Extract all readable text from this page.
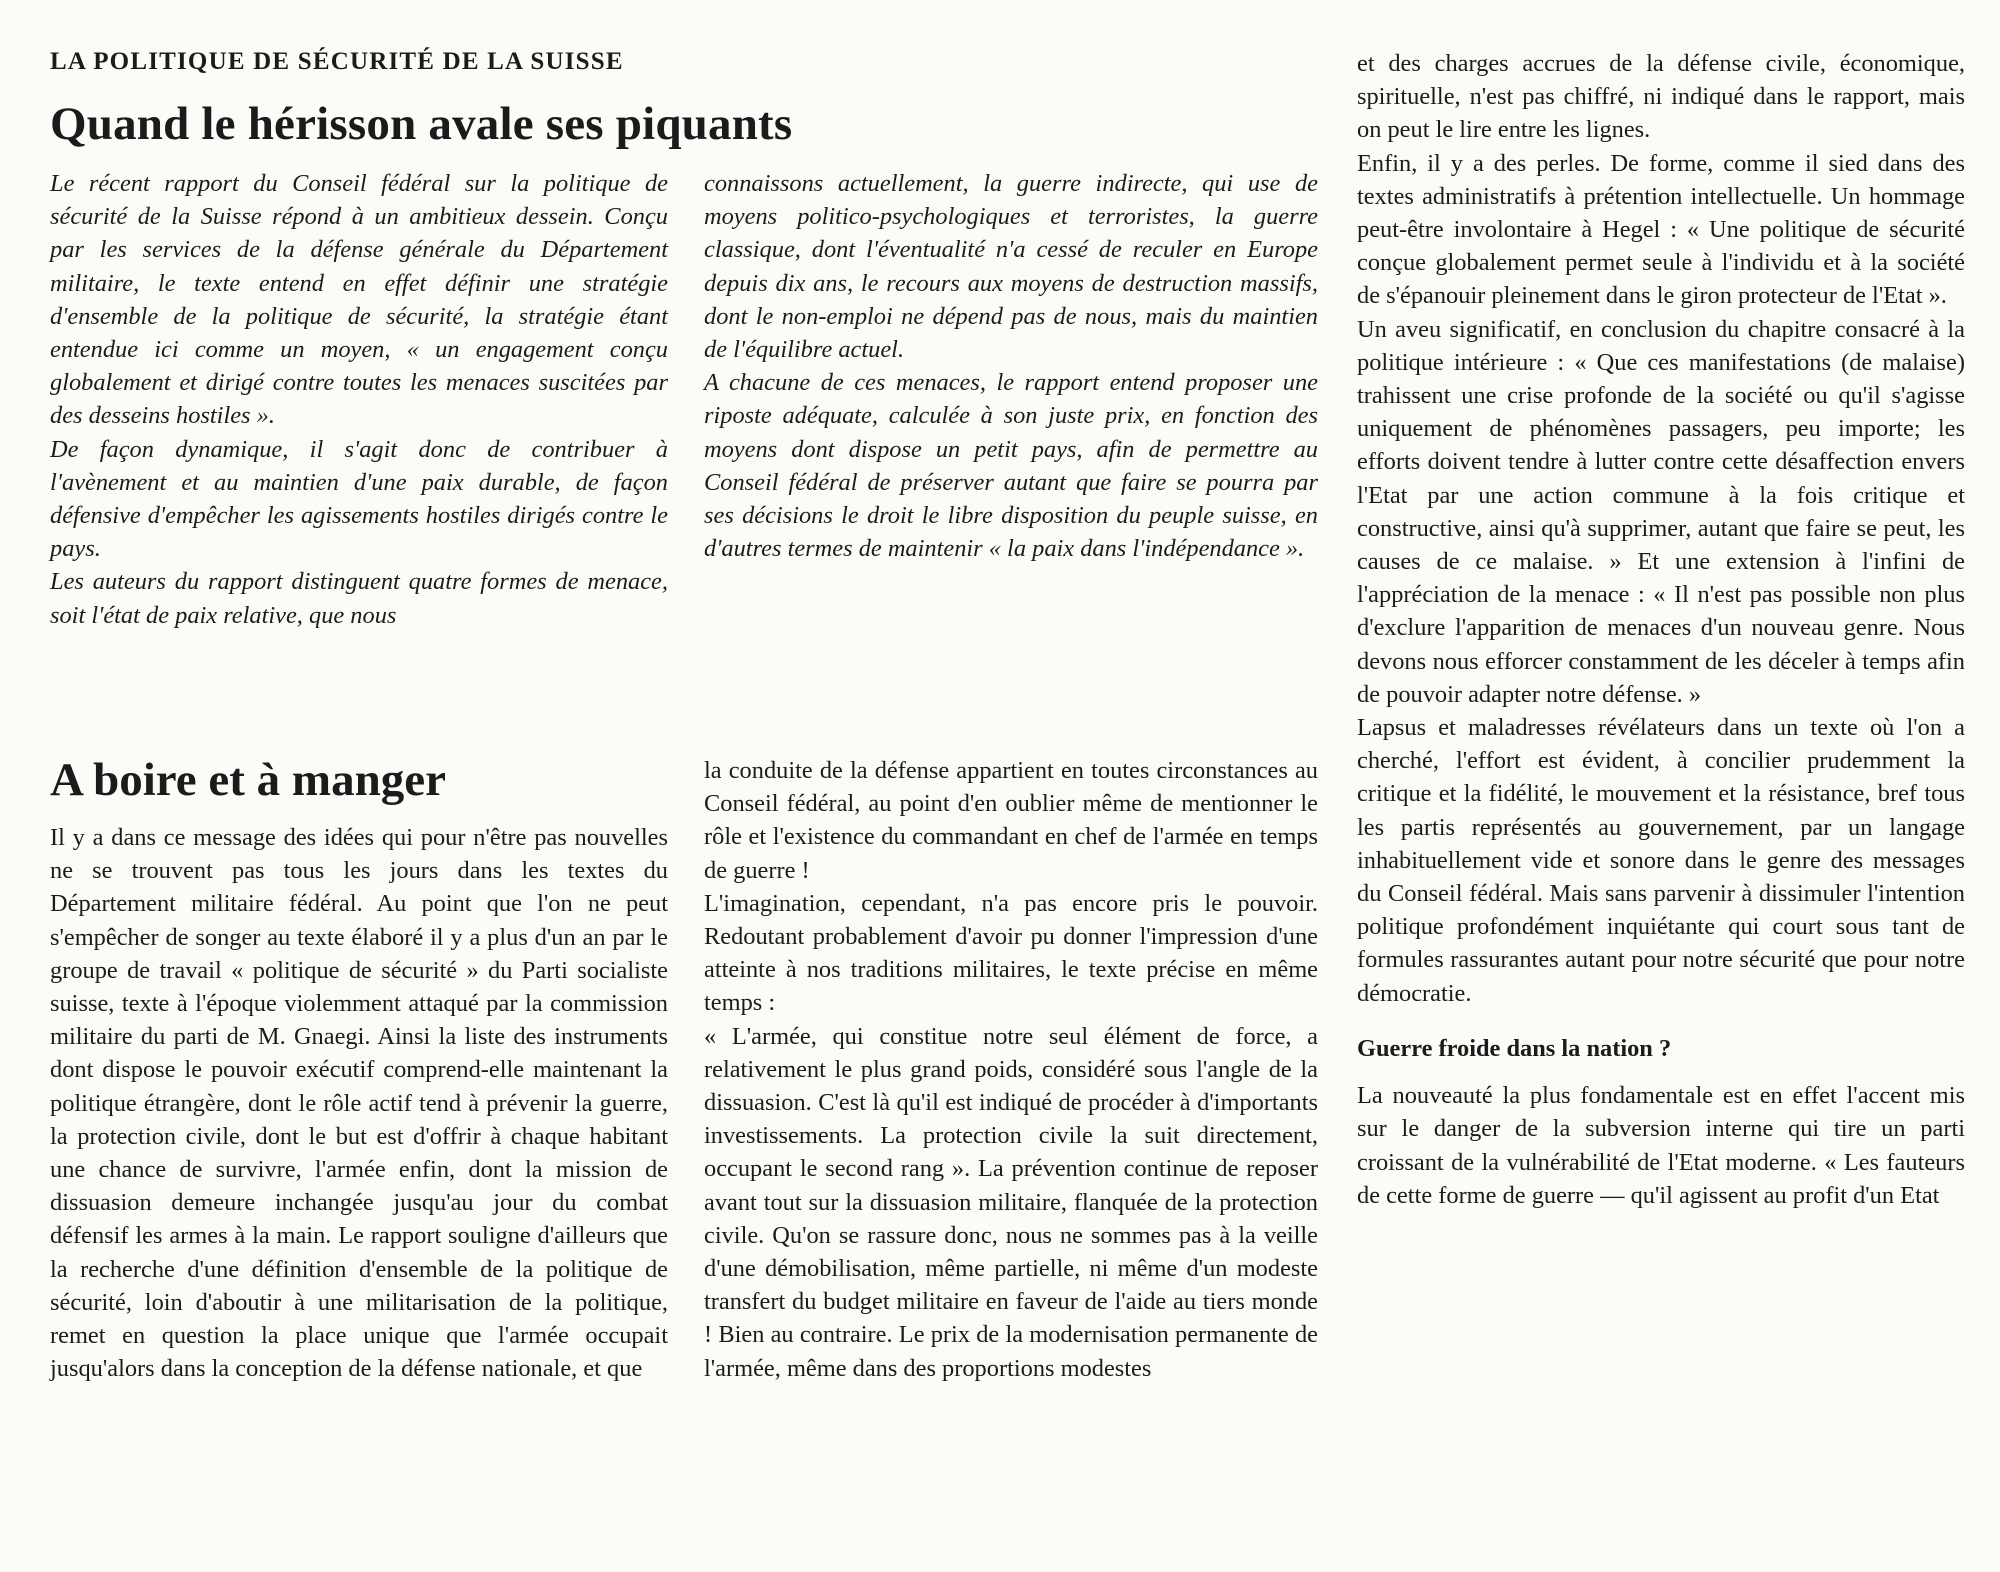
LA POLITIQUE DE SÉCURITÉ DE LA SUISSE
Quand le hérisson avale ses piquants

Le récent rapport du Conseil fédéral sur la politique de sécurité de la Suisse répond à un ambitieux dessein. Conçu par les services de la défense générale du Département militaire, le texte entend en effet définir une stratégie d'ensemble de la politique de sécurité, la stratégie étant entendue ici comme un moyen, « un engagement conçu globalement et dirigé contre toutes les menaces suscitées par des desseins hostiles ».

De façon dynamique, il s'agit donc de contribuer à l'avènement et au maintien d'une paix durable, de façon défensive d'empêcher les agissements hostiles dirigés contre le pays.

Les auteurs du rapport distinguent quatre formes de menace, soit l'état de paix relative, que nous

connaissons actuellement, la guerre indirecte, qui use de moyens politico-psychologiques et terroristes, la guerre classique, dont l'éventualité n'a cessé de reculer en Europe depuis dix ans, le recours aux moyens de destruction massifs, dont le non-emploi ne dépend pas de nous, mais du maintien de l'équilibre actuel.

A chacune de ces menaces, le rapport entend proposer une riposte adéquate, calculée à son juste prix, en fonction des moyens dont dispose un petit pays, afin de permettre au Conseil fédéral de préserver autant que faire se pourra par ses décisions le droit le libre disposition du peuple suisse, en d'autres termes de maintenir « la paix dans l'indépendance ».

A boire et à manger

Il y a dans ce message des idées qui pour n'être pas nouvelles ne se trouvent pas tous les jours dans les textes du Département militaire fédéral. Au point que l'on ne peut s'empêcher de songer au texte élaboré il y a plus d'un an par le groupe de travail « politique de sécurité » du Parti socialiste suisse, texte à l'époque violemment attaqué par la commission militaire du parti de M. Gnaegi. Ainsi la liste des instruments dont dispose le pouvoir exécutif comprend-elle maintenant la politique étrangère, dont le rôle actif tend à prévenir la guerre, la protection civile, dont le but est d'offrir à chaque habitant une chance de survivre, l'armée enfin, dont la mission de dissuasion demeure inchangée jusqu'au jour du combat défensif les armes à la main. Le rapport souligne d'ailleurs que la recherche d'une définition d'ensemble de la politique de sécurité, loin d'aboutir à une militarisation de la politique, remet en question la place unique que l'armée occupait jusqu'alors dans la conception de la défense nationale, et que

la conduite de la défense appartient en toutes circonstances au Conseil fédéral, au point d'en oublier même de mentionner le rôle et l'existence du commandant en chef de l'armée en temps de guerre !

L'imagination, cependant, n'a pas encore pris le pouvoir. Redoutant probablement d'avoir pu donner l'impression d'une atteinte à nos traditions militaires, le texte précise en même temps :

« L'armée, qui constitue notre seul élément de force, a relativement le plus grand poids, considéré sous l'angle de la dissuasion. C'est là qu'il est indiqué de procéder à d'importants investissements. La protection civile la suit directement, occupant le second rang ». La prévention continue de reposer avant tout sur la dissuasion militaire, flanquée de la protection civile. Qu'on se rassure donc, nous ne sommes pas à la veille d'une démobilisation, même partielle, ni même d'un modeste transfert du budget militaire en faveur de l'aide au tiers monde ! Bien au contraire. Le prix de la modernisation permanente de l'armée, même dans des proportions modestes

et des charges accrues de la défense civile, économique, spirituelle, n'est pas chiffré, ni indiqué dans le rapport, mais on peut le lire entre les lignes.

Enfin, il y a des perles. De forme, comme il sied dans des textes administratifs à prétention intellectuelle. Un hommage peut-être involontaire à Hegel : « Une politique de sécurité conçue globalement permet seule à l'individu et à la société de s'épanouir pleinement dans le giron protecteur de l'Etat ».

Un aveu significatif, en conclusion du chapitre consacré à la politique intérieure : « Que ces manifestations (de malaise) trahissent une crise profonde de la société ou qu'il s'agisse uniquement de phénomènes passagers, peu importe; les efforts doivent tendre à lutter contre cette désaffection envers l'Etat par une action commune à la fois critique et constructive, ainsi qu'à supprimer, autant que faire se peut, les causes de ce malaise. » Et une extension à l'infini de l'appréciation de la menace : « Il n'est pas possible non plus d'exclure l'apparition de menaces d'un nouveau genre. Nous devons nous efforcer constamment de les déceler à temps afin de pouvoir adapter notre défense. »

Lapsus et maladresses révélateurs dans un texte où l'on a cherché, l'effort est évident, à concilier prudemment la critique et la fidélité, le mouvement et la résistance, bref tous les partis représentés au gouvernement, par un langage inhabituellement vide et sonore dans le genre des messages du Conseil fédéral. Mais sans parvenir à dissimuler l'intention politique profondément inquiétante qui court sous tant de formules rassurantes autant pour notre sécurité que pour notre démocratie.

Guerre froide dans la nation ?

La nouveauté la plus fondamentale est en effet l'accent mis sur le danger de la subversion interne qui tire un parti croissant de la vulnérabilité de l'Etat moderne. « Les fauteurs de cette forme de guerre — qu'il agissent au profit d'un Etat
